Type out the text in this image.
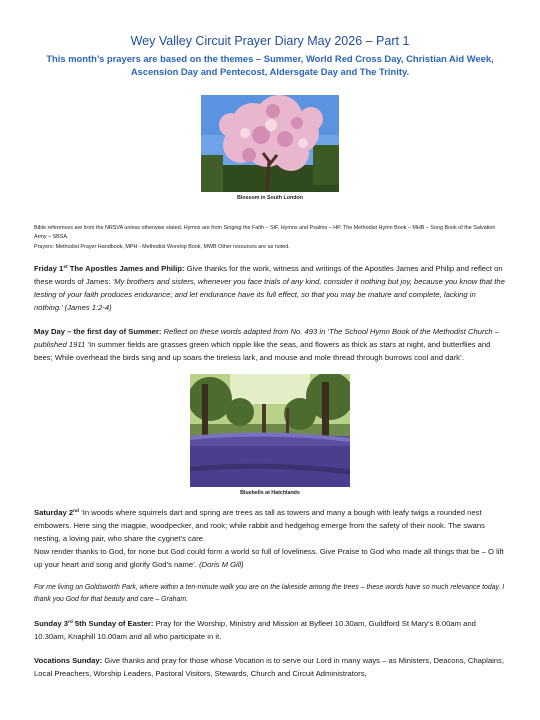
Wey Valley Circuit Prayer Diary May 2026 – Part 1
This month’s prayers are based on the themes – Summer, World Red Cross Day, Christian Aid Week, Ascension Day and Pentecost, Aldersgate Day and The Trinity.
Blossom in South London

Bible references are from the NRSVA unless otherwise stated. Hymns are from Singing the Faith – StF, Hymns and Psalms – HP, The Methodist Hymn Book – MHB – Song Book of the Salvation Army – SBSA.

Prayers: Methodist Prayer Handbook, MPH - Methodist Worship Book, MWB Other resources are as noted.

Friday 1st The Apostles James and Philip: Give thanks for the work, witness and writings of the Apostles James and Philip and reflect on these words of James: ‘My brothers and sisters, whenever you face trials of any kind, consider it nothing but joy, because you know that the testing of your faith produces endurance; and let endurance have its full effect, so that you may be mature and complete, lacking in nothing.’ (James 1:2-4)

May Day – the first day of Summer: Reflect on these words adapted from No. 493 in ‘The School Hymn Book of the Methodist Church – published 1911 ‘In summer fields are grasses green which ripple like the seas, and flowers as thick as stars at night, and butterflies and bees; While overhead the birds sing and up soars the tireless lark, and mouse and mole thread through burrows cool and dark’.

Bluebells at Hatchlands

Saturday 2nd ‘In woods where squirrels dart and spring are trees as tall as towers and many a bough with leafy twigs a rounded nest embowers. Here sing the magpie, woodpecker, and rook; while rabbit and hedgehog emerge from the safety of their nook. The swans nesting, a loving pair, who share the cygnet’s care.
Now render thanks to God, for none but God could form a world so full of loveliness. Give Praise to God who made all things that be – O lift up your heart and song and glorify God’s name’. (Doris M Gill)

For me living on Goldsworth Park, where within a ten-minute walk you are on the lakeside among the trees – these words have so much relevance today. I thank you God for that beauty and care – Graham.

Sunday 3rd 5th Sunday of Easter: Pray for the Worship, Ministry and Mission at Byfleet 10.30am, Guildford St Mary’s 8.00am and 10.30am, Knaphill 10.00am and all who participate in it.

Vocations Sunday: Give thanks and pray for those whose Vocation is to serve our Lord in many ways – as Ministers, Deacons, Chaplains, Local Preachers, Worship Leaders, Pastoral Visitors, Stewards, Church and Circuit Administrators,
